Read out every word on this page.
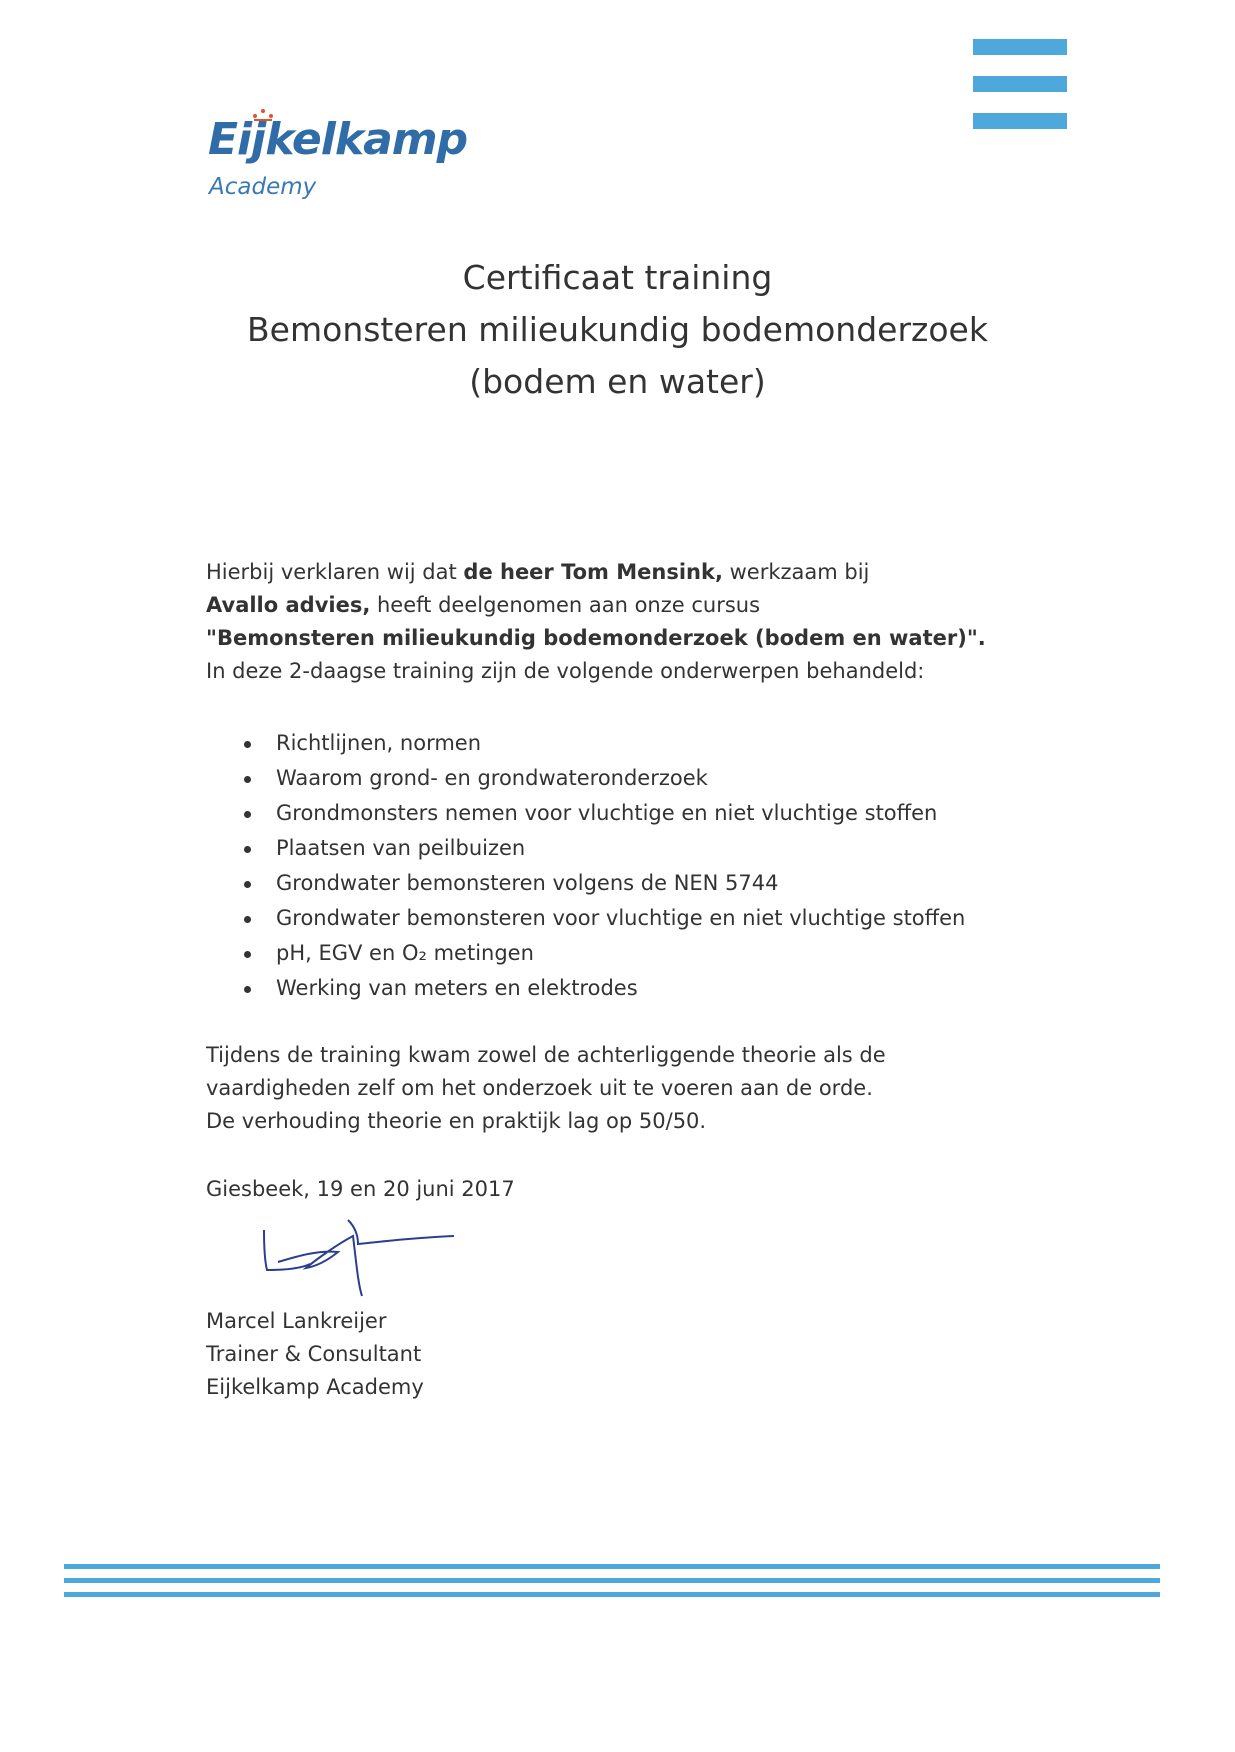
Eijkelkamp
Academy
Certificaat training
Bemonsteren milieukundig bodemonderzoek
(bodem en water)
Hierbij verklaren wij dat de heer Tom Mensink, werkzaam bij
Avallo advies, heeft deelgenomen aan onze cursus
"Bemonsteren milieukundig bodemonderzoek (bodem en water)".
In deze 2-daagse training zijn de volgende onderwerpen behandeld:
Richtlijnen, normen
Waarom grond- en grondwateronderzoek
Grondmonsters nemen voor vluchtige en niet vluchtige stoffen
Plaatsen van peilbuizen
Grondwater bemonsteren volgens de NEN 5744
Grondwater bemonsteren voor vluchtige en niet vluchtige stoffen
pH, EGV en O₂ metingen
Werking van meters en elektrodes
Tijdens de training kwam zowel de achterliggende theorie als de
vaardigheden zelf om het onderzoek uit te voeren aan de orde.
De verhouding theorie en praktijk lag op 50/50.
Giesbeek, 19 en 20 juni 2017
Marcel Lankreijer
Trainer & Consultant
Eijkelkamp Academy
